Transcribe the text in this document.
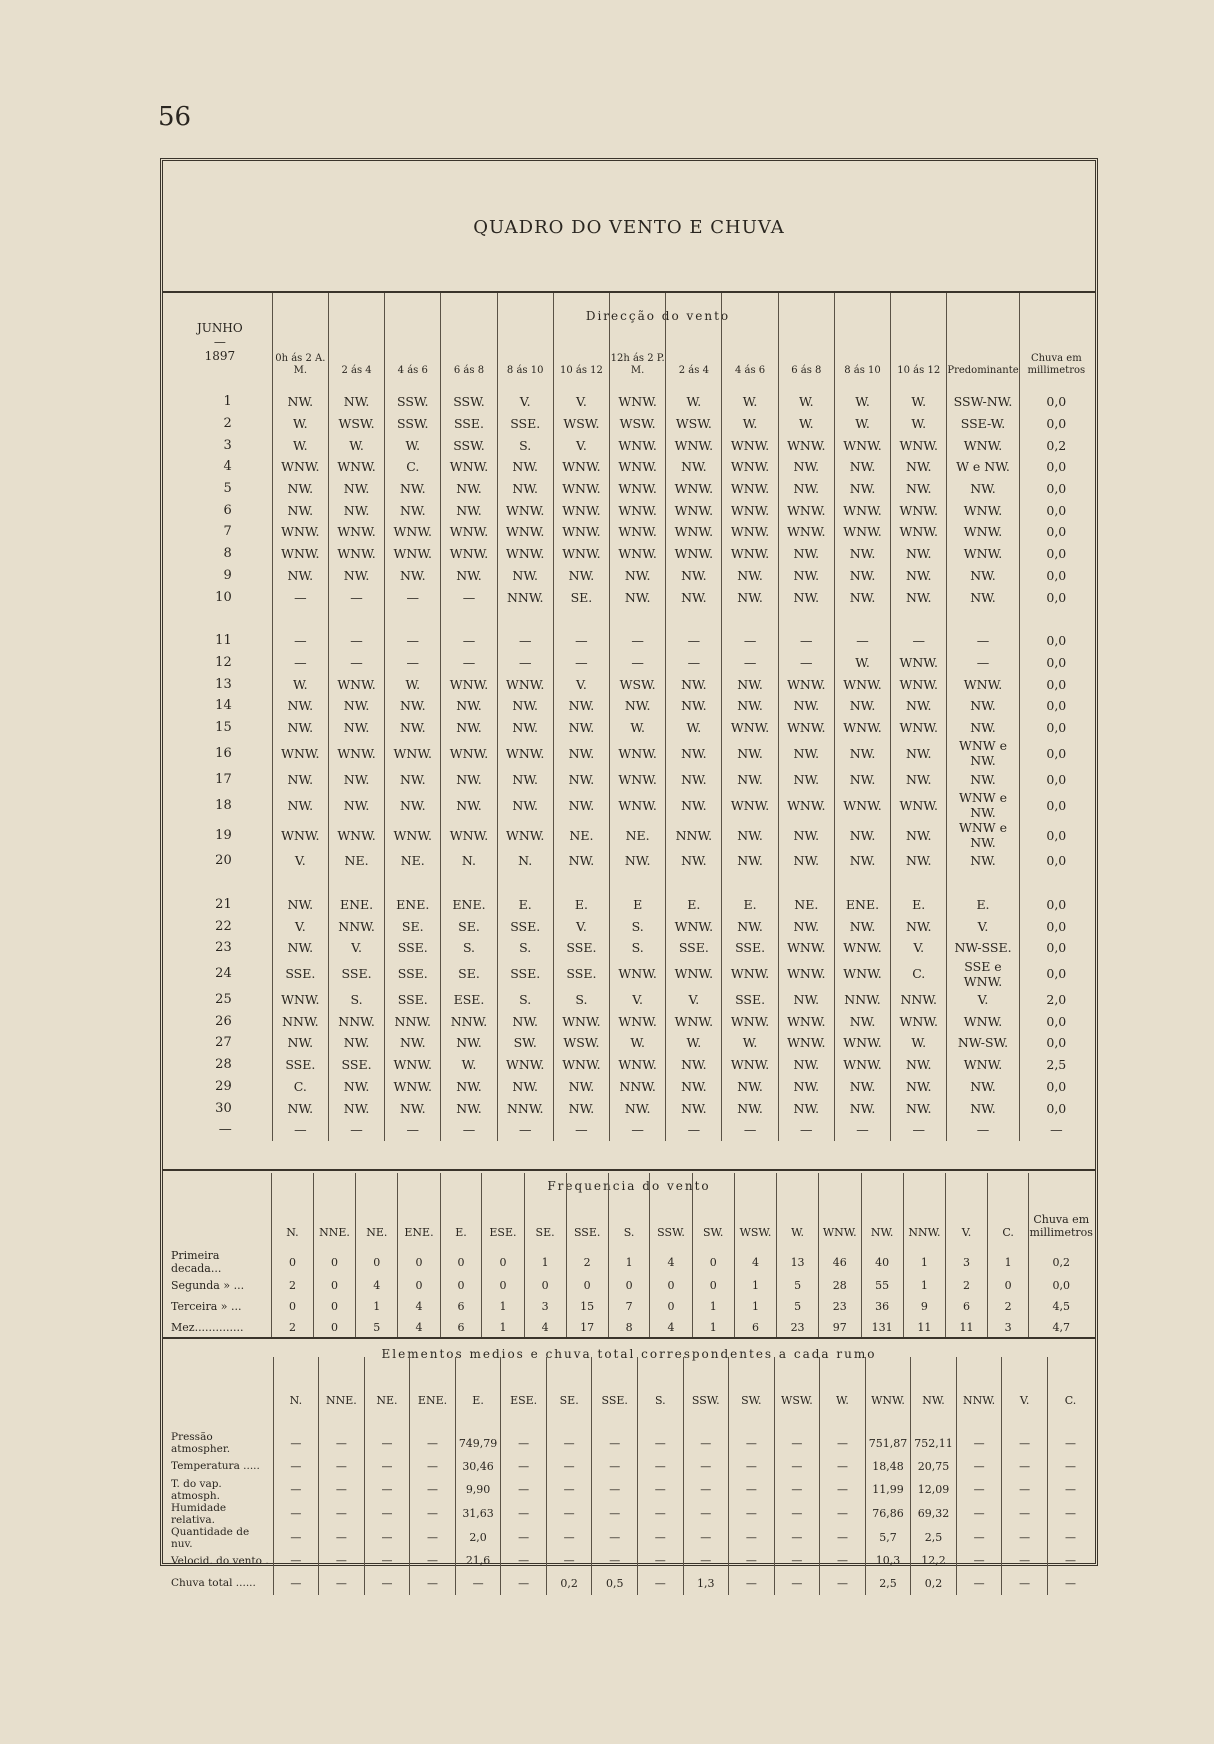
56
QUADRO DO VENTO E CHUVA
Direcção do vento
JUNHO
—
1897	0h ás 2 A. M.	2 ás 4	4 ás 6	6 ás 8	8 ás 10	10 ás 12	12h ás 2 P. M.	2 ás 4	4 ás 6	6 ás 8	8 ás 10	10 ás 12	Predominante	Chuva em millimetros

1	NW.	NW.	SSW.	SSW.	V.	V.	WNW.	W.	W.	W.	W.	W.	SSW-NW.	0,0
2	W.	WSW.	SSW.	SSE.	SSE.	WSW.	WSW.	WSW.	W.	W.	W.	W.	SSE-W.	0,0
3	W.	W.	W.	SSW.	S.	V.	WNW.	WNW.	WNW.	WNW.	WNW.	WNW.	WNW.	0,2
4	WNW.	WNW.	C.	WNW.	NW.	WNW.	WNW.	NW.	WNW.	NW.	NW.	NW.	W e NW.	0,0
5	NW.	NW.	NW.	NW.	NW.	WNW.	WNW.	WNW.	WNW.	NW.	NW.	NW.	NW.	0,0
6	NW.	NW.	NW.	NW.	WNW.	WNW.	WNW.	WNW.	WNW.	WNW.	WNW.	WNW.	WNW.	0,0
7	WNW.	WNW.	WNW.	WNW.	WNW.	WNW.	WNW.	WNW.	WNW.	WNW.	WNW.	WNW.	WNW.	0,0
8	WNW.	WNW.	WNW.	WNW.	WNW.	WNW.	WNW.	WNW.	WNW.	NW.	NW.	NW.	WNW.	0,0
9	NW.	NW.	NW.	NW.	NW.	NW.	NW.	NW.	NW.	NW.	NW.	NW.	NW.	0,0
10	—	—	—	—	NNW.	SE.	NW.	NW.	NW.	NW.	NW.	NW.	NW.	0,0

11	—	—	—	—	—	—	—	—	—	—	—	—	—	0,0
12	—	—	—	—	—	—	—	—	—	—	W.	WNW.	—	0,0
13	W.	WNW.	W.	WNW.	WNW.	V.	WSW.	NW.	NW.	WNW.	WNW.	WNW.	WNW.	0,0
14	NW.	NW.	NW.	NW.	NW.	NW.	NW.	NW.	NW.	NW.	NW.	NW.	NW.	0,0
15	NW.	NW.	NW.	NW.	NW.	NW.	W.	W.	WNW.	WNW.	WNW.	WNW.	NW.	0,0
16	WNW.	WNW.	WNW.	WNW.	WNW.	NW.	WNW.	NW.	NW.	NW.	NW.	NW.	WNW e NW.	0,0
17	NW.	NW.	NW.	NW.	NW.	NW.	WNW.	NW.	NW.	NW.	NW.	NW.	NW.	0,0
18	NW.	NW.	NW.	NW.	NW.	NW.	WNW.	NW.	WNW.	WNW.	WNW.	WNW.	WNW e NW.	0,0
19	WNW.	WNW.	WNW.	WNW.	WNW.	NE.	NE.	NNW.	NW.	NW.	NW.	NW.	WNW e NW.	0,0
20	V.	NE.	NE.	N.	N.	NW.	NW.	NW.	NW.	NW.	NW.	NW.	NW.	0,0

21	NW.	ENE.	ENE.	ENE.	E.	E.	E	E.	E.	NE.	ENE.	E.	E.	0,0
22	V.	NNW.	SE.	SE.	SSE.	V.	S.	WNW.	NW.	NW.	NW.	NW.	V.	0,0
23	NW.	V.	SSE.	S.	S.	SSE.	S.	SSE.	SSE.	WNW.	WNW.	V.	NW-SSE.	0,0
24	SSE.	SSE.	SSE.	SE.	SSE.	SSE.	WNW.	WNW.	WNW.	WNW.	WNW.	C.	SSE e WNW.	0,0
25	WNW.	S.	SSE.	ESE.	S.	S.	V.	V.	SSE.	NW.	NNW.	NNW.	V.	2,0
26	NNW.	NNW.	NNW.	NNW.	NW.	WNW.	WNW.	WNW.	WNW.	WNW.	NW.	WNW.	WNW.	0,0
27	NW.	NW.	NW.	NW.	SW.	WSW.	W.	W.	W.	WNW.	WNW.	W.	NW-SW.	0,0
28	SSE.	SSE.	WNW.	W.	WNW.	WNW.	WNW.	NW.	WNW.	NW.	WNW.	NW.	WNW.	2,5
29	C.	NW.	WNW.	NW.	NW.	NW.	NNW.	NW.	NW.	NW.	NW.	NW.	NW.	0,0
30	NW.	NW.	NW.	NW.	NNW.	NW.	NW.	NW.	NW.	NW.	NW.	NW.	NW.	0,0
—	—	—	—	—	—	—	—	—	—	—	—	—	—	—
Frequencia do vento
	N.	NNE.	NE.	ENE.	E.	ESE.	SE.	SSE.	S.	SSW.	SW.	WSW.	W.	WNW.	NW.	NNW.	V.	C.	Chuva em millimetros
Primeira decada...	0	0	0	0	0	0	1	2	1	4	0	4	13	46	40	1	3	1	0,2
Segunda » ...	2	0	4	0	0	0	0	0	0	0	0	1	5	28	55	1	2	0	0,0
Terceira » ...	0	0	1	4	6	1	3	15	7	0	1	1	5	23	36	9	6	2	4,5
Mez..............	2	0	5	4	6	1	4	17	8	4	1	6	23	97	131	11	11	3	4,7
Elementos medios e chuva total correspondentes a cada rumo
	N.	NNE.	NE.	ENE.	E.	ESE.	SE.	SSE.	S.	SSW.	SW.	WSW.	W.	WNW.	NW.	NNW.	V.	C.
Pressão atmospher.	—	—	—	—	749,79	—	—	—	—	—	—	—	—	751,87	752,11	—	—	—
Temperatura .....	—	—	—	—	30,46	—	—	—	—	—	—	—	—	18,48	20,75	—	—	—
T. do vap. atmosph.	—	—	—	—	9,90	—	—	—	—	—	—	—	—	11,99	12,09	—	—	—
Humidade relativa.	—	—	—	—	31,63	—	—	—	—	—	—	—	—	76,86	69,32	—	—	—
Quantidade de nuv.	—	—	—	—	2,0	—	—	—	—	—	—	—	—	5,7	2,5	—	—	—
Velocid. do vento .	—	—	—	—	21,6	—	—	—	—	—	—	—	—	10,3	12,2	—	—	—
Chuva total ......	—	—	—	—	—	—	0,2	0,5	—	1,3	—	—	—	2,5	0,2	—	—	—
